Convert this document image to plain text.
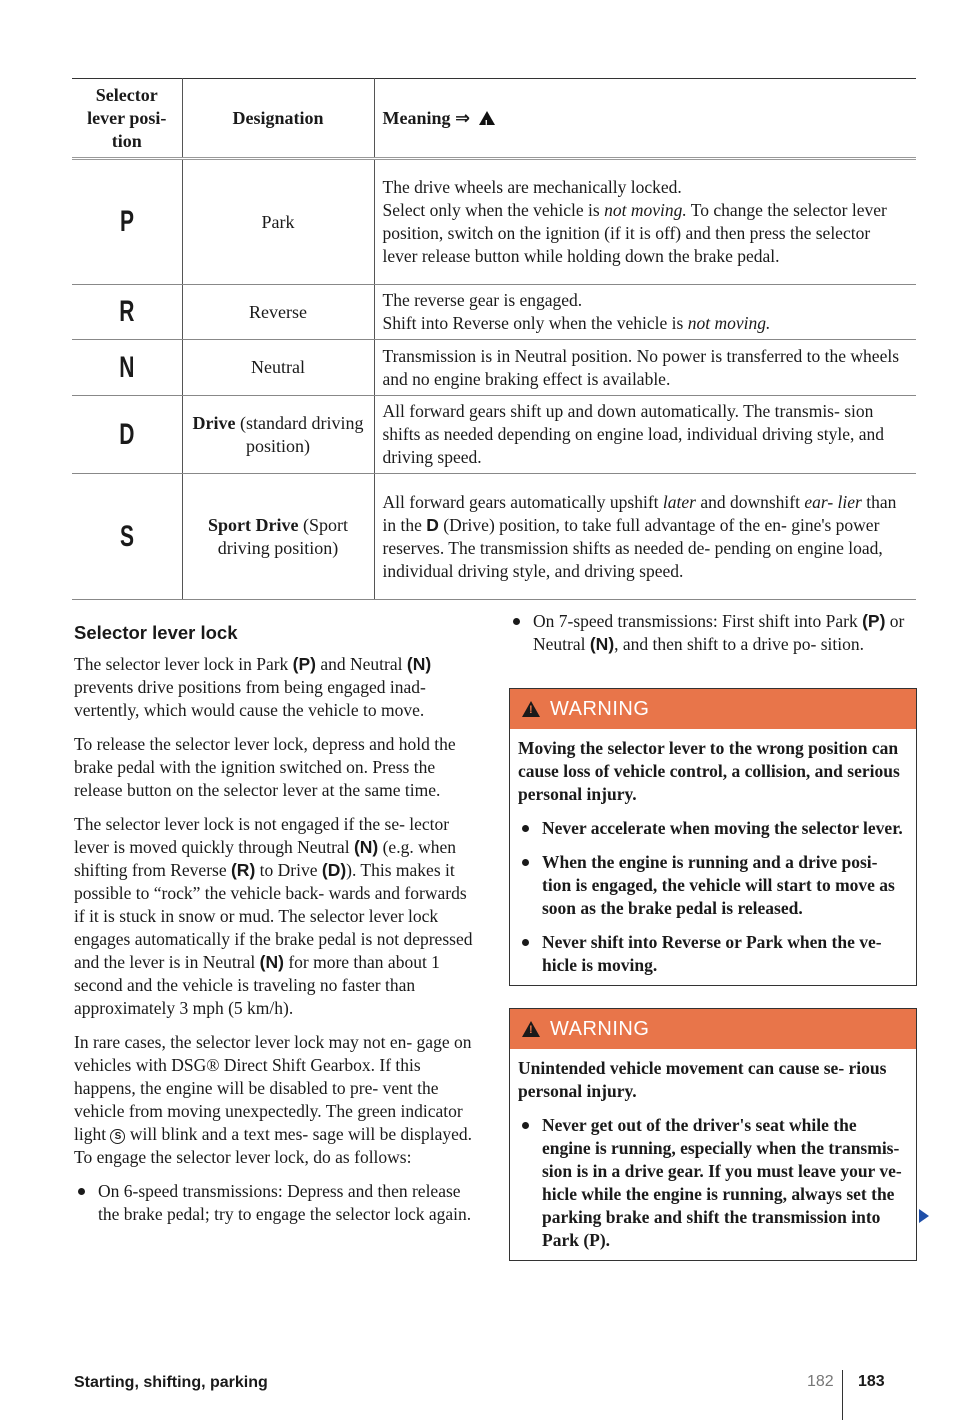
Selector
lever posi-
tion	Designation	Meaning ⇒ !
P	Park	The drive wheels are mechanically locked.
Select only when the vehicle is not moving. To change the selector lever position, switch on the ignition (if it is off) and then press the selector lever release button while holding down the brake pedal.

R	Reverse	The reverse gear is engaged.
Shift into Reverse only when the vehicle is not moving.

N	Neutral	Transmission is in Neutral position. No power is transferred to the wheels and no engine braking effect is available.

D	Drive (standard driving position)	All forward gears shift up and down automatically. The transmis- sion shifts as needed depending on engine load, individual driving style, and driving speed.

S	Sport Drive (Sport driving position)	All forward gears automatically upshift later and downshift ear- lier than in the D (Drive) position, to take full advantage of the en- gine's power reserves. The transmission shifts as needed de- pending on engine load, individual driving style, and driving speed.
Selector lever lock

The selector lever lock in Park (P) and Neutral (N) prevents drive positions from being engaged inad- vertently, which would cause the vehicle to move.

To release the selector lever lock, depress and hold the brake pedal with the ignition switched on. Press the release button on the selector lever at the same time.

The selector lever lock is not engaged if the se- lector lever is moved quickly through Neutral (N) (e.g. when shifting from Reverse (R) to Drive (D)). This makes it possible to “rock” the vehicle back- wards and forwards if it is stuck in snow or mud. The selector lever lock engages automatically if the brake pedal is not depressed and the lever is in Neutral (N) for more than about 1 second and the vehicle is traveling no faster than approximately 3 mph (5 km/h).

In rare cases, the selector lever lock may not en- gage on vehicles with DSG® Direct Shift Gearbox. If this happens, the engine will be disabled to pre- vent the vehicle from moving unexpectedly. The green indicator light S will blink and a text mes- sage will be displayed. To engage the selector lever lock, do as follows:

On 6-speed transmissions: Depress and then release the brake pedal; try to engage the selector lock again.

On 7-speed transmissions: First shift into Park (P) or Neutral (N), and then shift to a drive po- sition.
!
WARNING

Moving the selector lever to the wrong position can cause loss of vehicle control, a collision, and serious personal injury.

Never accelerate when moving the selector lever.
When the engine is running and a drive posi- tion is engaged, the vehicle will start to move as soon as the brake pedal is released.
Never shift into Reverse or Park when the ve- hicle is moving.
!
WARNING

Unintended vehicle movement can cause se- rious personal injury.

Never get out of the driver's seat while the engine is running, especially when the transmis- sion is in a drive gear. If you must leave your ve- hicle while the engine is running, always set the parking brake and shift the transmission into Park (P).
Starting, shifting, parking	182 183
